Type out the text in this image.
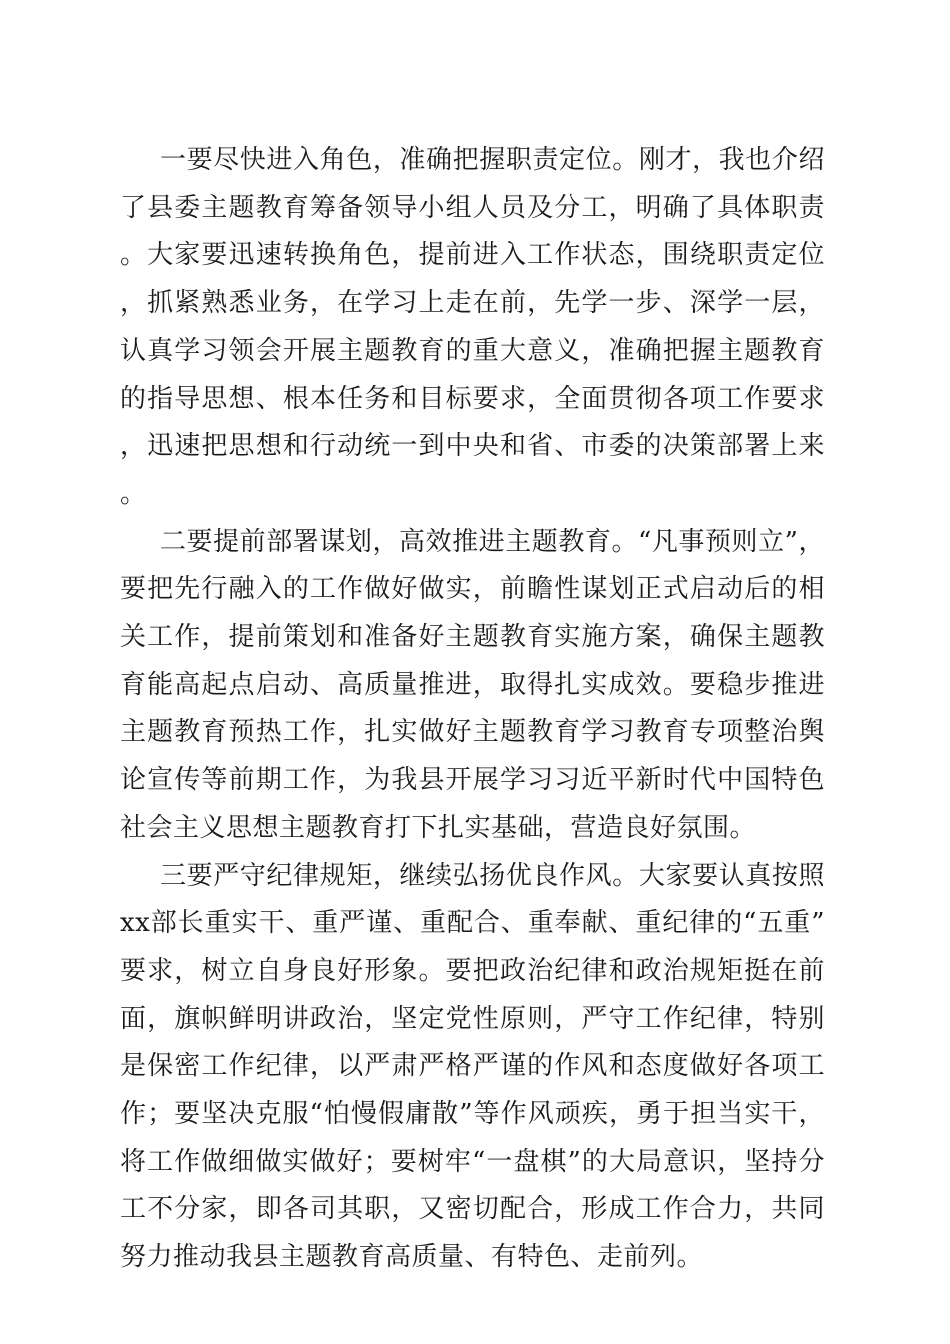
一要尽快进入角色，准确把握职责定位。刚才，我也介绍了县委主题教育筹备领导小组人员及分工，明确了具体职责。大家要迅速转换角色，提前进入工作状态，围绕职责定位，抓紧熟悉业务，在学习上走在前，先学一步、深学一层，认真学习领会开展主题教育的重大意义，准确把握主题教育的指导思想、根本任务和目标要求，全面贯彻各项工作要求，迅速把思想和行动统一到中央和省、市委的决策部署上来。

二要提前部署谋划，高效推进主题教育。“凡事预则立”，要把先行融入的工作做好做实，前瞻性谋划正式启动后的相关工作，提前策划和准备好主题教育实施方案，确保主题教育能高起点启动、高质量推进，取得扎实成效。要稳步推进主题教育预热工作，扎实做好主题教育学习教育专项整治舆论宣传等前期工作，为我县开展学习习近平新时代中国特色社会主义思想主题教育打下扎实基础，营造良好氛围。

三要严守纪律规矩，继续弘扬优良作风。大家要认真按照xx部长重实干、重严谨、重配合、重奉献、重纪律的“五重”要求，树立自身良好形象。要把政治纪律和政治规矩挺在前面，旗帜鲜明讲政治，坚定党性原则，严守工作纪律，特别是保密工作纪律，以严肃严格严谨的作风和态度做好各项工作；要坚决克服“怕慢假庸散”等作风顽疾，勇于担当实干，将工作做细做实做好；要树牢“一盘棋”的大局意识，坚持分工不分家，即各司其职，又密切配合，形成工作合力，共同努力推动我县主题教育高质量、有特色、走前列。
